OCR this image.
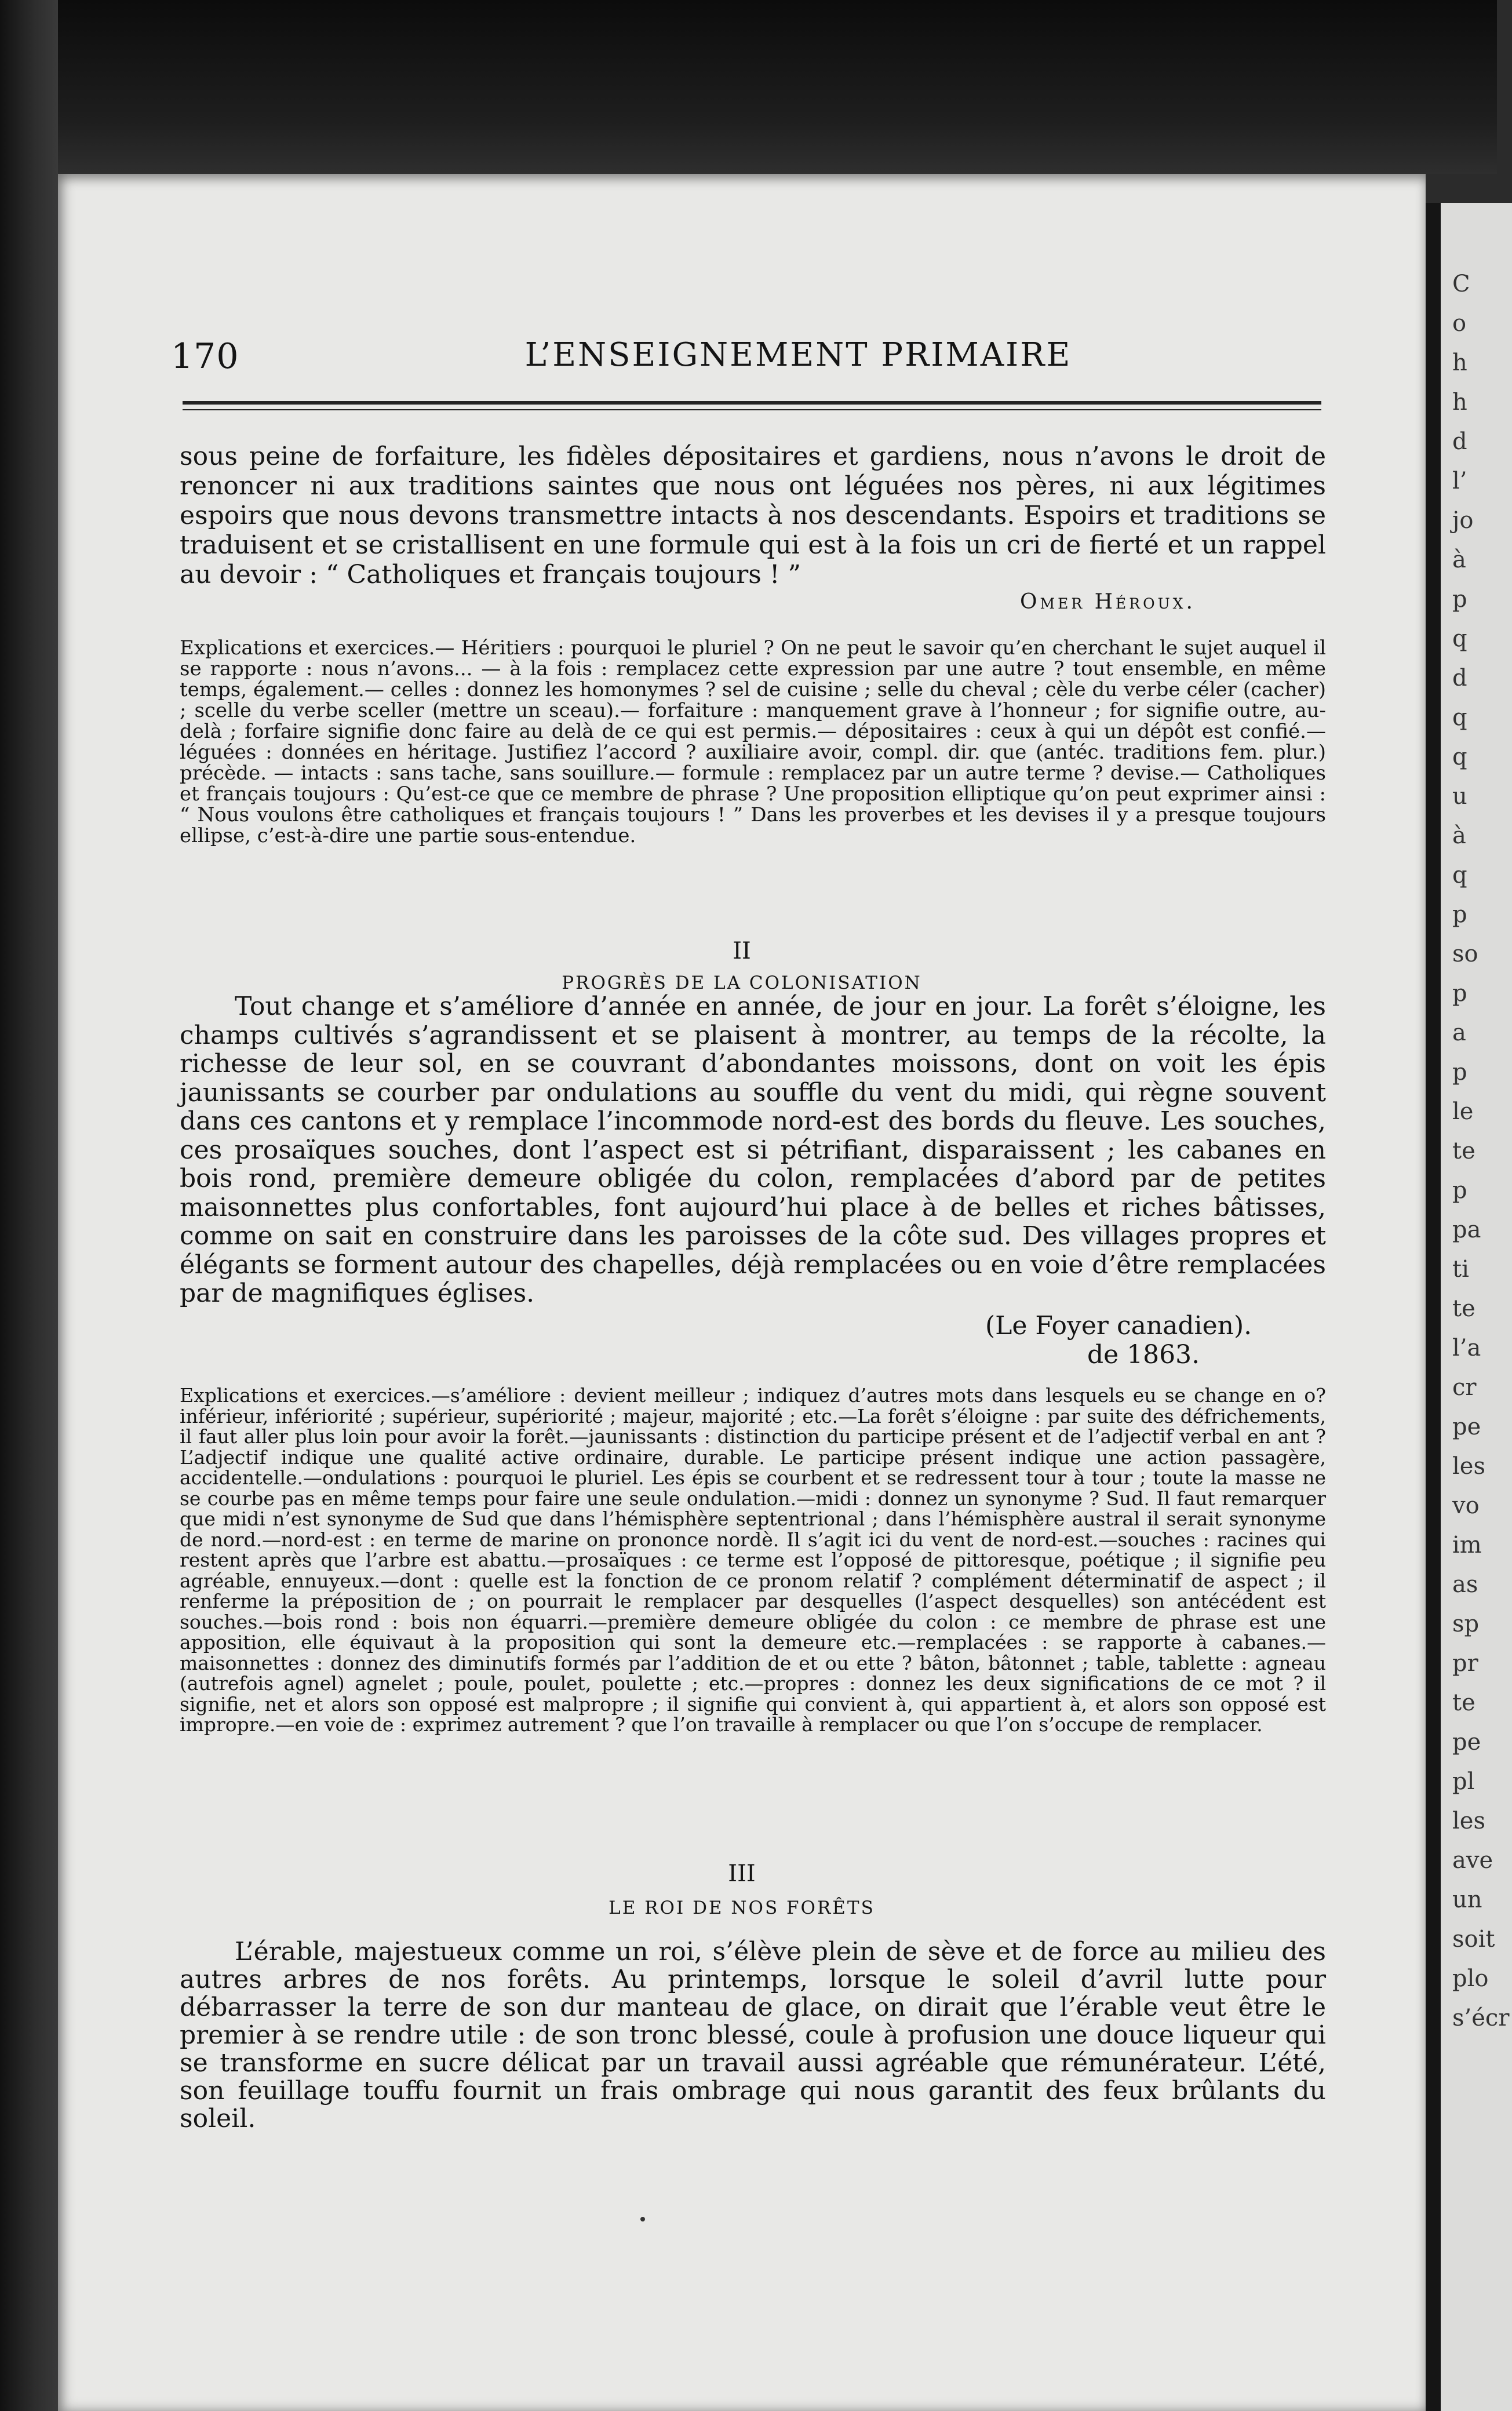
C
o
h
h
d
l’
jo
à
p
q
d
q
q
u
à
q
p
so
p
a
p
le
te
p
pa
ti
te
l’a
cr
pe
les
vo
im
as
sp
pr
te
pe
pl
les
ave
un
soit
plo
s’écr
170	L’ENSEIGNEMENT PRIMAIRE

sous peine de forfaiture, les fidèles dépositaires et gardiens, nous n’avons le droit de renoncer ni aux traditions saintes que nous ont léguées nos pères, ni aux légitimes espoirs que nous devons transmettre intacts à nos descendants. Espoirs et traditions se traduisent et se cristallisent en une formule qui est à la fois un cri de fierté et un rappel au devoir : “ Catholiques et français toujours ! ”

Omer Héroux.

Explications et exercices.— Héritiers : pourquoi le pluriel ? On ne peut le savoir qu’en cherchant le sujet auquel il se rapporte : nous n’avons... — à la fois : remplacez cette expression par une autre ? tout ensemble, en même temps, également.— celles : donnez les homonymes ? sel de cuisine ; selle du cheval ; cèle du verbe céler (cacher) ; scelle du verbe sceller (mettre un sceau).— forfaiture : manquement grave à l’honneur ; for signifie outre, au-delà ; forfaire signifie donc faire au delà de ce qui est permis.— dépositaires : ceux à qui un dépôt est confié.— léguées : données en héritage. Justifiez l’accord ? auxiliaire avoir, compl. dir. que (antéc. traditions fem. plur.) précède. — intacts : sans tache, sans souillure.— formule : remplacez par un autre terme ? devise.— Catholiques et français toujours : Qu’est-ce que ce membre de phrase ? Une proposition elliptique qu’on peut exprimer ainsi : “ Nous voulons être catholiques et français toujours ! ” Dans les proverbes et les devises il y a presque toujours ellipse, c’est-à-dire une partie sous-entendue.

II
PROGRÈS DE LA COLONISATION

Tout change et s’améliore d’année en année, de jour en jour. La forêt s’éloigne, les champs cultivés s’agrandissent et se plaisent à montrer, au temps de la récolte, la richesse de leur sol, en se couvrant d’abondantes moissons, dont on voit les épis jaunissants se courber par ondulations au souffle du vent du midi, qui règne souvent dans ces cantons et y remplace l’incommode nord-est des bords du fleuve. Les souches, ces prosaïques souches, dont l’aspect est si pétrifiant, disparaissent ; les cabanes en bois rond, première demeure obligée du colon, remplacées d’abord par de petites maisonnettes plus confortables, font aujourd’hui place à de belles et riches bâtisses, comme on sait en construire dans les paroisses de la côte sud. Des villages propres et élégants se forment autour des chapelles, déjà remplacées ou en voie d’être remplacées par de magnifiques églises.

(Le Foyer canadien).
de 1863.

Explications et exercices.—s’améliore : devient meilleur ; indiquez d’autres mots dans lesquels eu se change en o? inférieur, infériorité ; supérieur, supériorité ; majeur, majorité ; etc.—La forêt s’éloigne : par suite des défrichements, il faut aller plus loin pour avoir la forêt.—jaunissants : distinction du participe présent et de l’adjectif verbal en ant ? L’adjectif indique une qualité active ordinaire, durable. Le participe présent indique une action passagère, accidentelle.—ondulations : pourquoi le pluriel. Les épis se courbent et se redressent tour à tour ; toute la masse ne se courbe pas en même temps pour faire une seule ondulation.—midi : donnez un synonyme ? Sud. Il faut remarquer que midi n’est synonyme de Sud que dans l’hémisphère septentrional ; dans l’hémisphère austral il serait synonyme de nord.—nord-est : en terme de marine on prononce nordè. Il s’agit ici du vent de nord-est.—souches : racines qui restent après que l’arbre est abattu.—prosaïques : ce terme est l’opposé de pittoresque, poétique ; il signifie peu agréable, ennuyeux.—dont : quelle est la fonction de ce pronom relatif ? complément déterminatif de aspect ; il renferme la préposition de ; on pourrait le remplacer par desquelles (l’aspect desquelles) son antécédent est souches.—bois rond : bois non équarri.—première demeure obligée du colon : ce membre de phrase est une apposition, elle équivaut à la proposition qui sont la demeure etc.—remplacées : se rapporte à cabanes.—maisonnettes : donnez des diminutifs formés par l’addition de et ou ette ? bâton, bâtonnet ; table, tablette : agneau (autrefois agnel) agnelet ; poule, poulet, poulette ; etc.—propres : donnez les deux significations de ce mot ? il signifie, net et alors son opposé est malpropre ; il signifie qui convient à, qui appartient à, et alors son opposé est impropre.—en voie de : exprimez autrement ? que l’on travaille à remplacer ou que l’on s’occupe de remplacer.

III
LE ROI DE NOS FORÊTS

L’érable, majestueux comme un roi, s’élève plein de sève et de force au milieu des autres arbres de nos forêts. Au printemps, lorsque le soleil d’avril lutte pour débarrasser la terre de son dur manteau de glace, on dirait que l’érable veut être le premier à se rendre utile : de son tronc blessé, coule à profusion une douce liqueur qui se transforme en sucre délicat par un travail aussi agréable que rémunérateur. L’été, son feuillage touffu fournit un frais ombrage qui nous garantit des feux brûlants du soleil.
